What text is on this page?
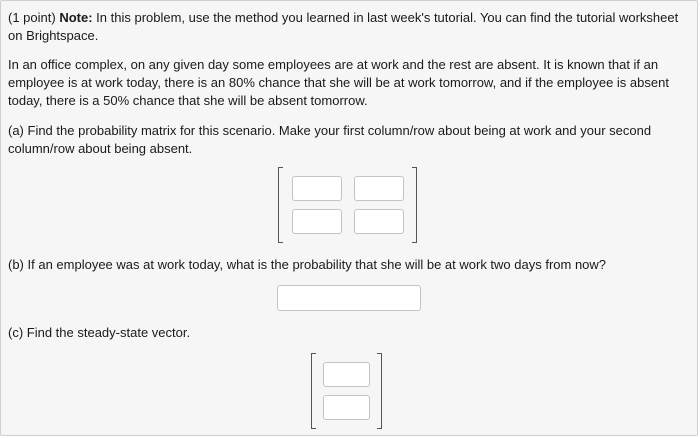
(1 point) Note: In this problem, use the method you learned in last week's tutorial. You can find the tutorial worksheet on Brightspace.
In an office complex, on any given day some employees are at work and the rest are absent. It is known that if an employee is at work today, there is an 80% chance that she will be at work tomorrow, and if the employee is absent today, there is a 50% chance that she will be absent tomorrow.
(a) Find the probability matrix for this scenario. Make your first column/row about being at work and your second column/row about being absent.
(b) If an employee was at work today, what is the probability that she will be at work two days from now?
(c) Find the steady-state vector.
